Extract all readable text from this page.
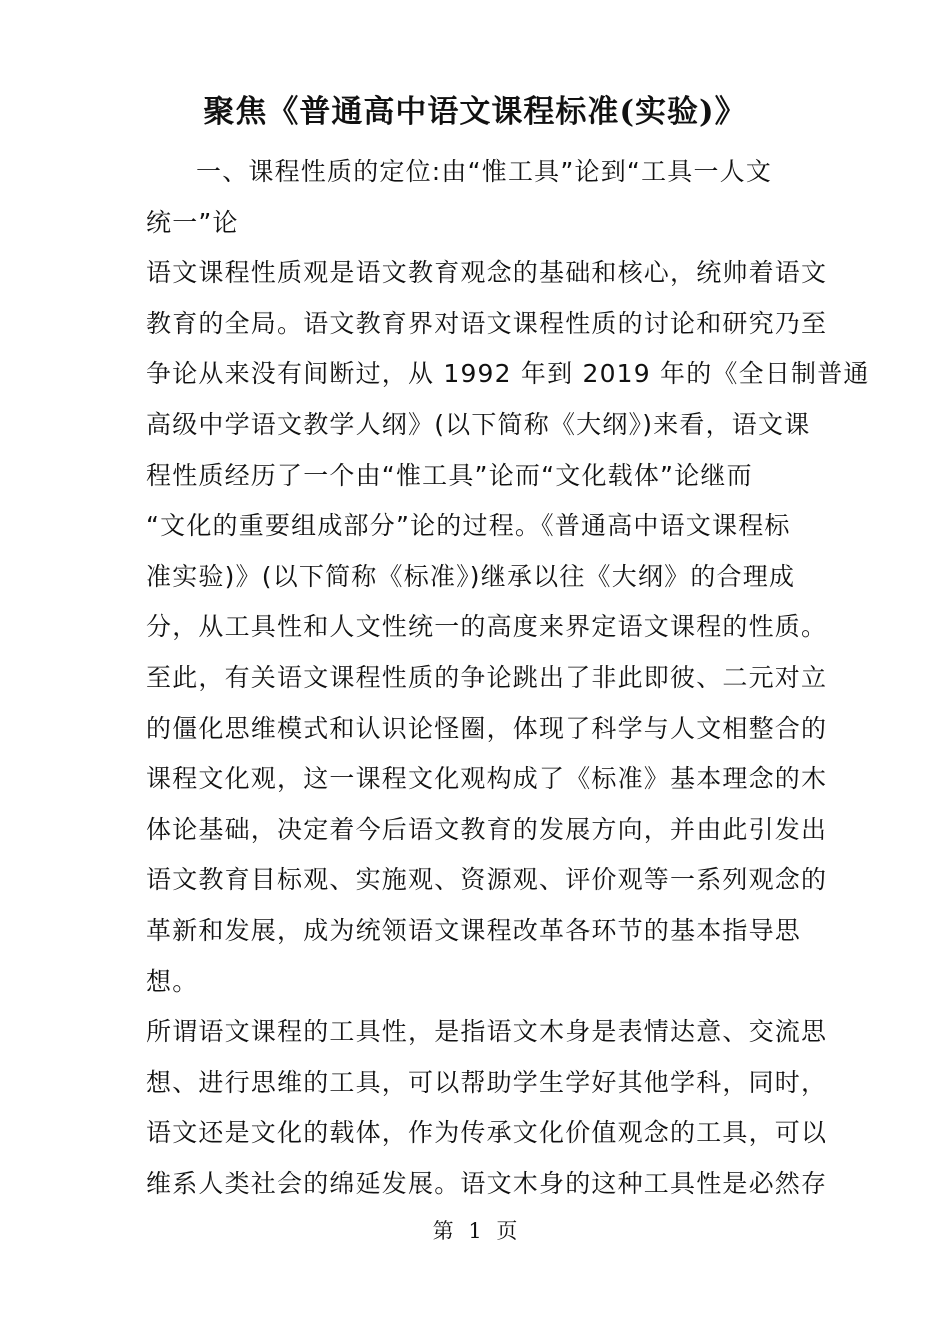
聚焦《普通高中语文课程标准(实验)》
一、课程性质的定位:由“惟工具”论到“工具一人文
统一”论
语文课程性质观是语文教育观念的基础和核心，统帅着语文
教育的全局。语文教育界对语文课程性质的讨论和研究乃至
争论从来没有间断过，从 1992 年到 2019 年的《全日制普通
高级中学语文教学人纲》(以下简称《大纲》)来看，语文课
程性质经历了一个由“惟工具”论而“文化载体”论继而
“文化的重要组成部分”论的过程。《普通高中语文课程标
准实验)》(以下简称《标准》)继承以往《大纲》的合理成
分，从工具性和人文性统一的高度来界定语文课程的性质。
至此，有关语文课程性质的争论跳出了非此即彼、二元对立
的僵化思维模式和认识论怪圈，体现了科学与人文相整合的
课程文化观，这一课程文化观构成了《标准》基本理念的木
体论基础，决定着今后语文教育的发展方向，并由此引发出
语文教育目标观、实施观、资源观、评价观等一系列观念的
革新和发展，成为统领语文课程改革各环节的基本指导思
想。
所谓语文课程的工具性，是指语文木身是表情达意、交流思
想、进行思维的工具，可以帮助学生学好其他学科，同时，
语文还是文化的载体，作为传承文化价值观念的工具，可以
维系人类社会的绵延发展。语文木身的这种工具性是必然存
第 1 页
